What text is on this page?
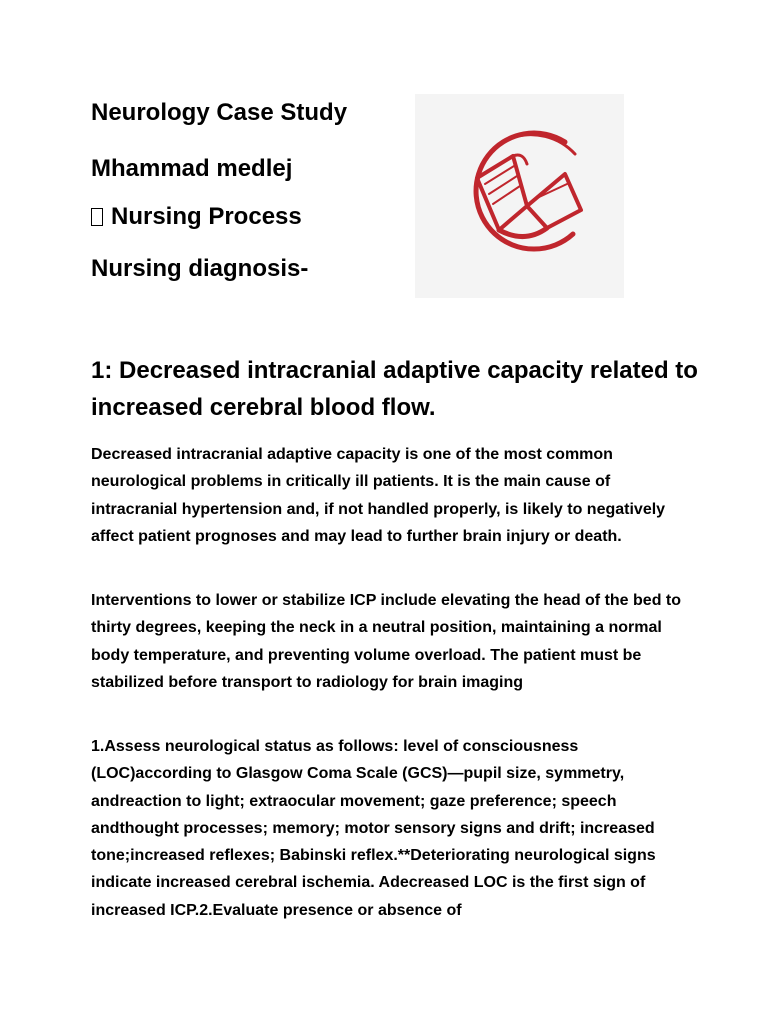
Neurology Case Study
Mhammad medlej
Nursing Process
Nursing diagnosis-
1: Decreased intracranial adaptive capacity related to increased cerebral blood flow.

Decreased intracranial adaptive capacity is one of the most common neurological problems in critically ill patients. It is the main cause of intracranial hypertension and, if not handled properly, is likely to negatively affect patient prognoses and may lead to further brain injury or death.

Interventions to lower or stabilize ICP include elevating the head of the bed to thirty degrees, keeping the neck in a neutral position, maintaining a normal body temperature, and preventing volume overload. The patient must be stabilized before transport to radiology for brain imaging

1.Assess neurological status as follows: level of consciousness (LOC)according to Glasgow Coma Scale (GCS)—pupil size, symmetry, andreaction to light; extraocular movement; gaze preference; speech andthought processes; memory; motor sensory signs and drift; increased tone;increased reflexes; Babinski reflex.**Deteriorating neurological signs indicate increased cerebral ischemia. Adecreased LOC is the first sign of increased ICP.2.Evaluate presence or absence of
